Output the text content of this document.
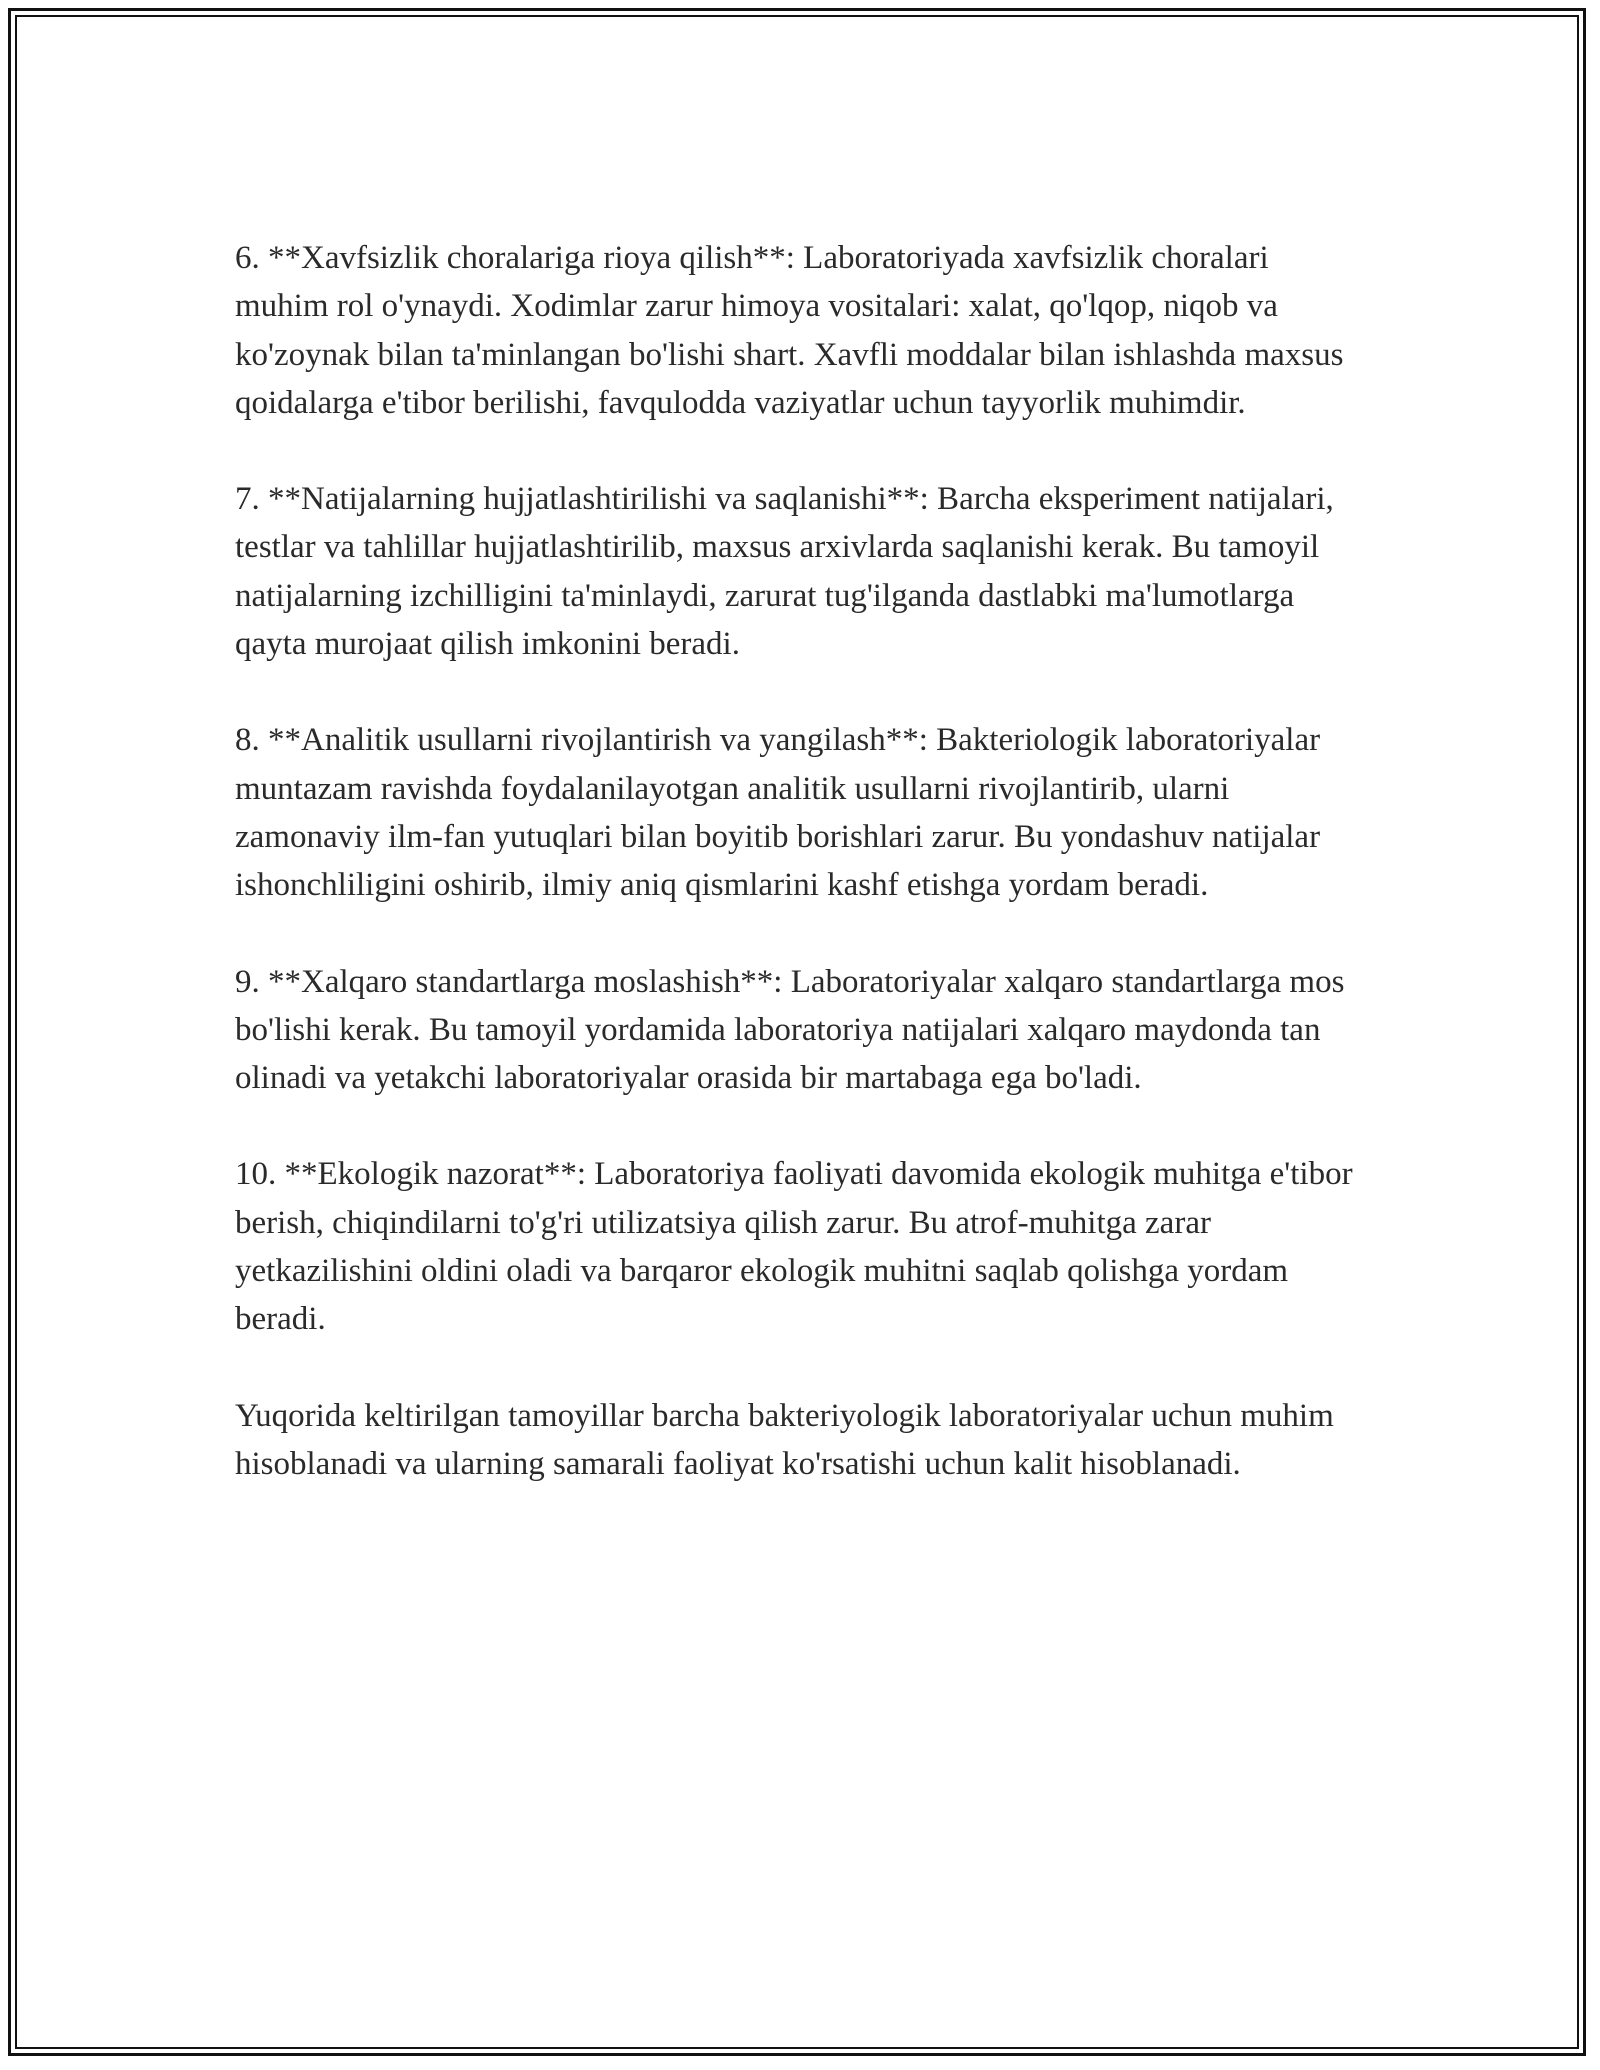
6. **Xavfsizlik choralariga rioya qilish**: Laboratoriyada xavfsizlik choralari muhim rol o'ynaydi. Xodimlar zarur himoya vositalari: xalat, qo'lqop, niqob va ko'zoynak bilan ta'minlangan bo'lishi shart. Xavfli moddalar bilan ishlashda maxsus qoidalarga e'tibor berilishi, favqulodda vaziyatlar uchun tayyorlik muhimdir.

7. **Natijalarning hujjatlashtirilishi va saqlanishi**: Barcha eksperiment natijalari, testlar va tahlillar hujjatlashtirilib, maxsus arxivlarda saqlanishi kerak. Bu tamoyil natijalarning izchilligini ta'minlaydi, zarurat tug'ilganda dastlabki ma'lumotlarga qayta murojaat qilish imkonini beradi.

8. **Analitik usullarni rivojlantirish va yangilash**: Bakteriologik laboratoriyalar muntazam ravishda foydalanilayotgan analitik usullarni rivojlantirib, ularni zamonaviy ilm-fan yutuqlari bilan boyitib borishlari zarur. Bu yondashuv natijalar ishonchliligini oshirib, ilmiy aniq qismlarini kashf etishga yordam beradi.

9. **Xalqaro standartlarga moslashish**: Laboratoriyalar xalqaro standartlarga mos bo'lishi kerak. Bu tamoyil yordamida laboratoriya natijalari xalqaro maydonda tan olinadi va yetakchi laboratoriyalar orasida bir martabaga ega bo'ladi.

10. **Ekologik nazorat**: Laboratoriya faoliyati davomida ekologik muhitga e'tibor berish, chiqindilarni to'g'ri utilizatsiya qilish zarur. Bu atrof-muhitga zarar yetkazilishini oldini oladi va barqaror ekologik muhitni saqlab qolishga yordam beradi.

Yuqorida keltirilgan tamoyillar barcha bakteriyologik laboratoriyalar uchun muhim hisoblanadi va ularning samarali faoliyat ko'rsatishi uchun kalit hisoblanadi.
